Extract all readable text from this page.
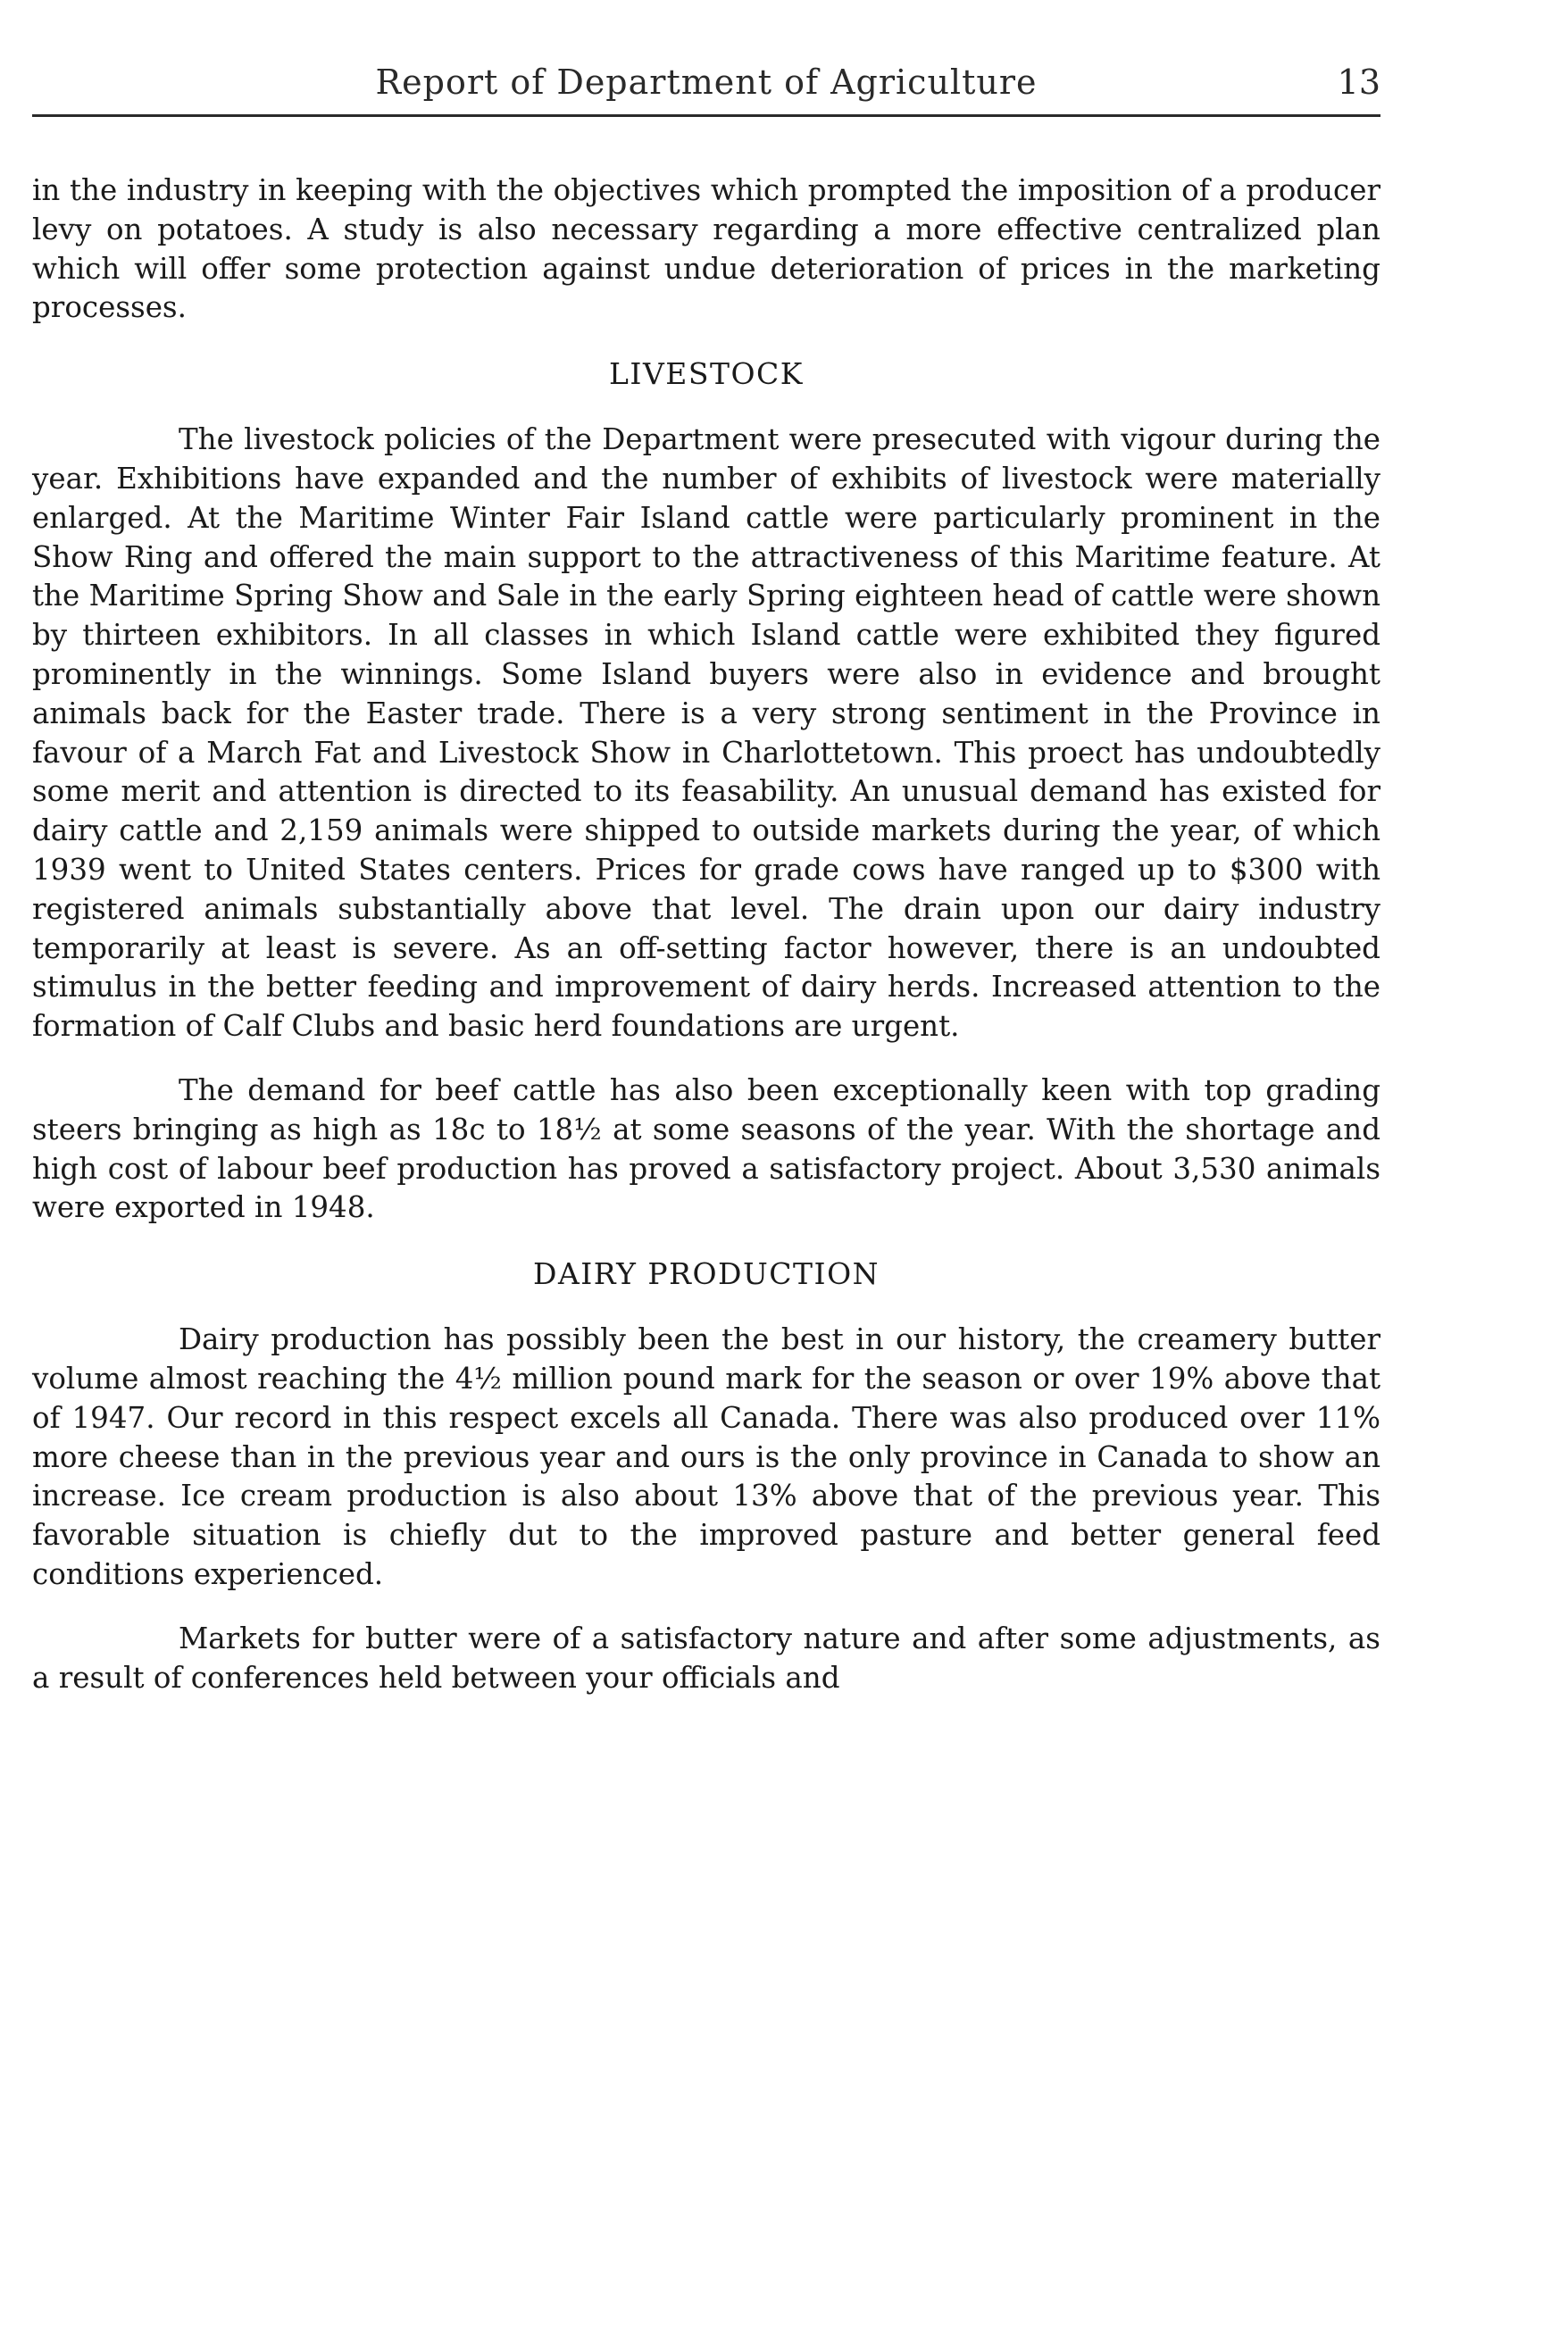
Report of Department of Agriculture	13

in the industry in keeping with the objectives which prompted the imposition of a producer levy on potatoes. A study is also necessary regarding a more effective centralized plan which will offer some protection against undue deterioration of prices in the marketing processes.

LIVESTOCK

The livestock policies of the Department were presecuted with vigour during the year. Exhibitions have expanded and the number of exhibits of livestock were materially enlarged. At the Maritime Winter Fair Island cattle were particularly prominent in the Show Ring and offered the main support to the attractiveness of this Maritime feature. At the Maritime Spring Show and Sale in the early Spring eighteen head of cattle were shown by thirteen exhibitors. In all classes in which Island cattle were exhibited they figured prominently in the winnings. Some Island buyers were also in evidence and brought animals back for the Easter trade. There is a very strong sentiment in the Province in favour of a March Fat and Livestock Show in Charlottetown. This proect has undoubtedly some merit and attention is directed to its feasability. An unusual demand has existed for dairy cattle and 2,159 animals were shipped to outside markets during the year, of which 1939 went to United States centers. Prices for grade cows have ranged up to $300 with registered animals substantially above that level. The drain upon our dairy industry temporarily at least is severe. As an off-setting factor however, there is an undoubted stimulus in the better feeding and improvement of dairy herds. Increased attention to the formation of Calf Clubs and basic herd foundations are urgent.

The demand for beef cattle has also been exceptionally keen with top grading steers bringing as high as 18c to 18½ at some seasons of the year. With the shortage and high cost of labour beef production has proved a satisfactory project. About 3,530 animals were exported in 1948.

DAIRY PRODUCTION

Dairy production has possibly been the best in our history, the creamery butter volume almost reaching the 4½ million pound mark for the season or over 19% above that of 1947. Our record in this respect excels all Canada. There was also produced over 11% more cheese than in the previous year and ours is the only province in Canada to show an increase. Ice cream production is also about 13% above that of the previous year. This favorable situation is chiefly dut to the improved pasture and better general feed conditions experienced.

Markets for butter were of a satisfactory nature and after some adjustments, as a result of conferences held between your officials and
